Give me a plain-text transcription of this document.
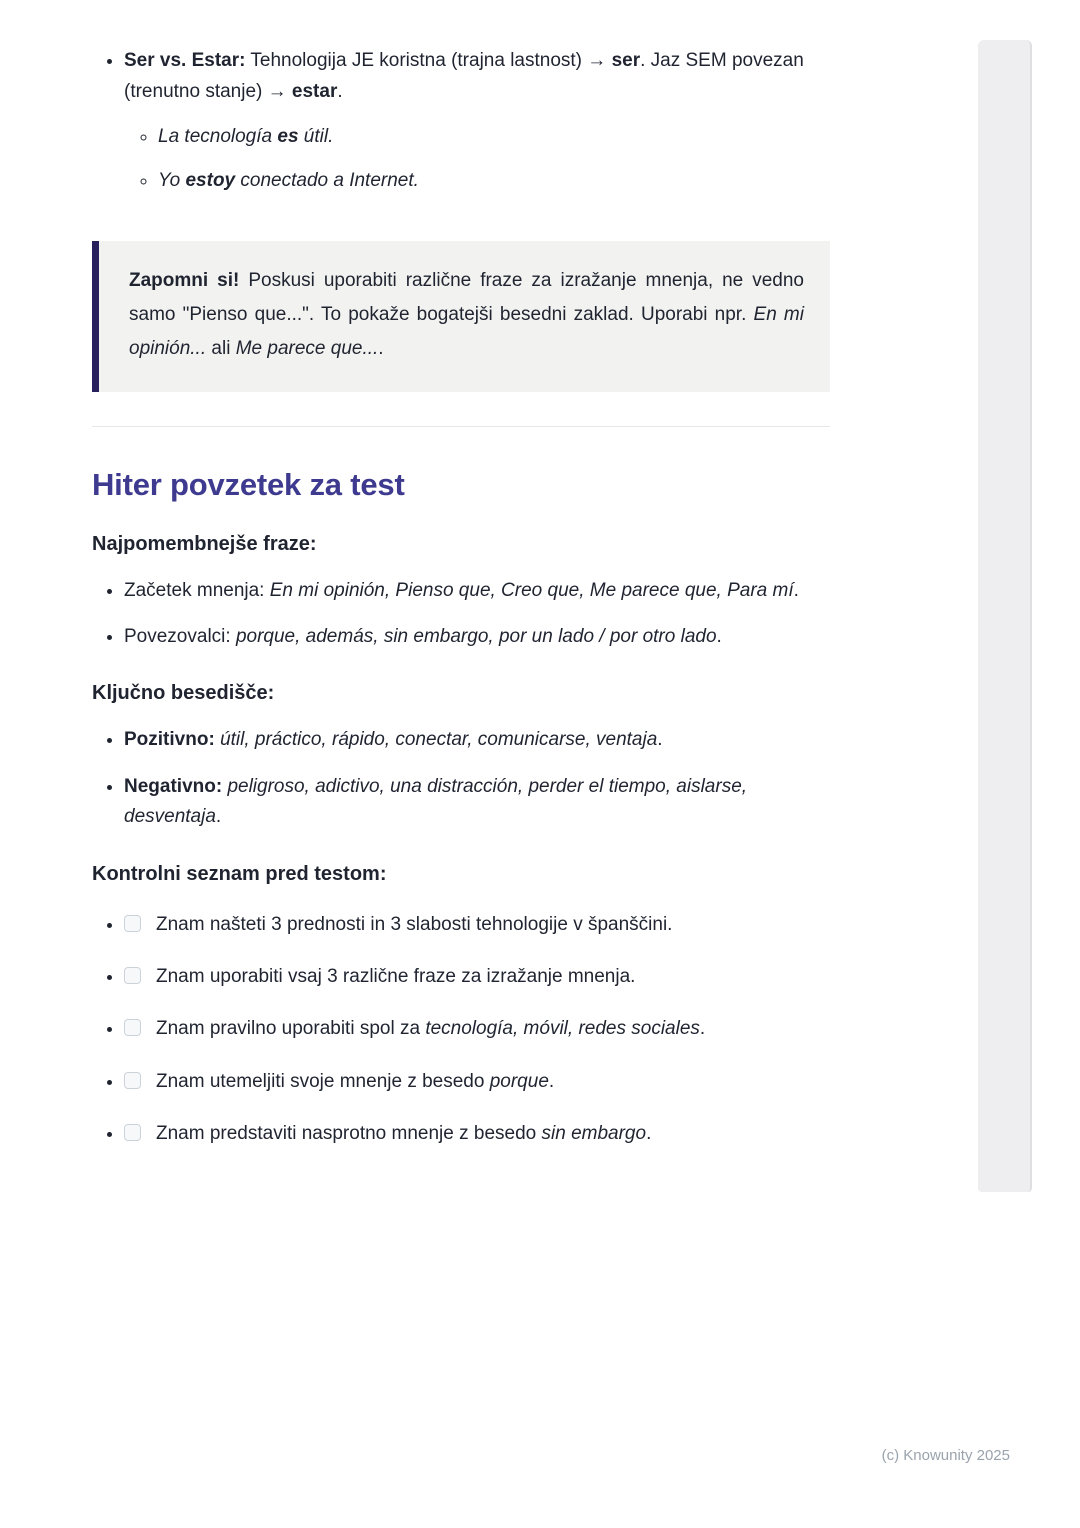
• Ser vs. Estar: Tehnologija JE koristna (trajna lastnost) → ser. Jaz SEM povezan (trenutno stanje) → estar.
◦ La tecnología es útil.
◦ Yo estoy conectado a Internet.

Zapomni si! Poskusi uporabiti različne fraze za izražanje mnenja, ne vedno samo "Pienso que...". To pokaže bogatejši besedni zaklad. Uporabi npr. En mi opinión... ali Me parece que....

Hiter povzetek za test
Najpomembnejše fraze:
• Začetek mnenja: En mi opinión, Pienso que, Creo que, Me parece que, Para mí.
• Povezovalci: porque, además, sin embargo, por un lado / por otro lado.
Ključno besedišče:
• Pozitivno: útil, práctico, rápido, conectar, comunicarse, ventaja.
• Negativno: peligroso, adictivo, una distracción, perder el tiempo, aislarse, desventaja.
Kontrolni seznam pred testom:
• Znam našteti 3 prednosti in 3 slabosti tehnologije v španščini.
• Znam uporabiti vsaj 3 različne fraze za izražanje mnenja.
• Znam pravilno uporabiti spol za tecnología, móvil, redes sociales.
• Znam utemeljiti svoje mnenje z besedo porque.
• Znam predstaviti nasprotno mnenje z besedo sin embargo.
(c) Knowunity 2025
